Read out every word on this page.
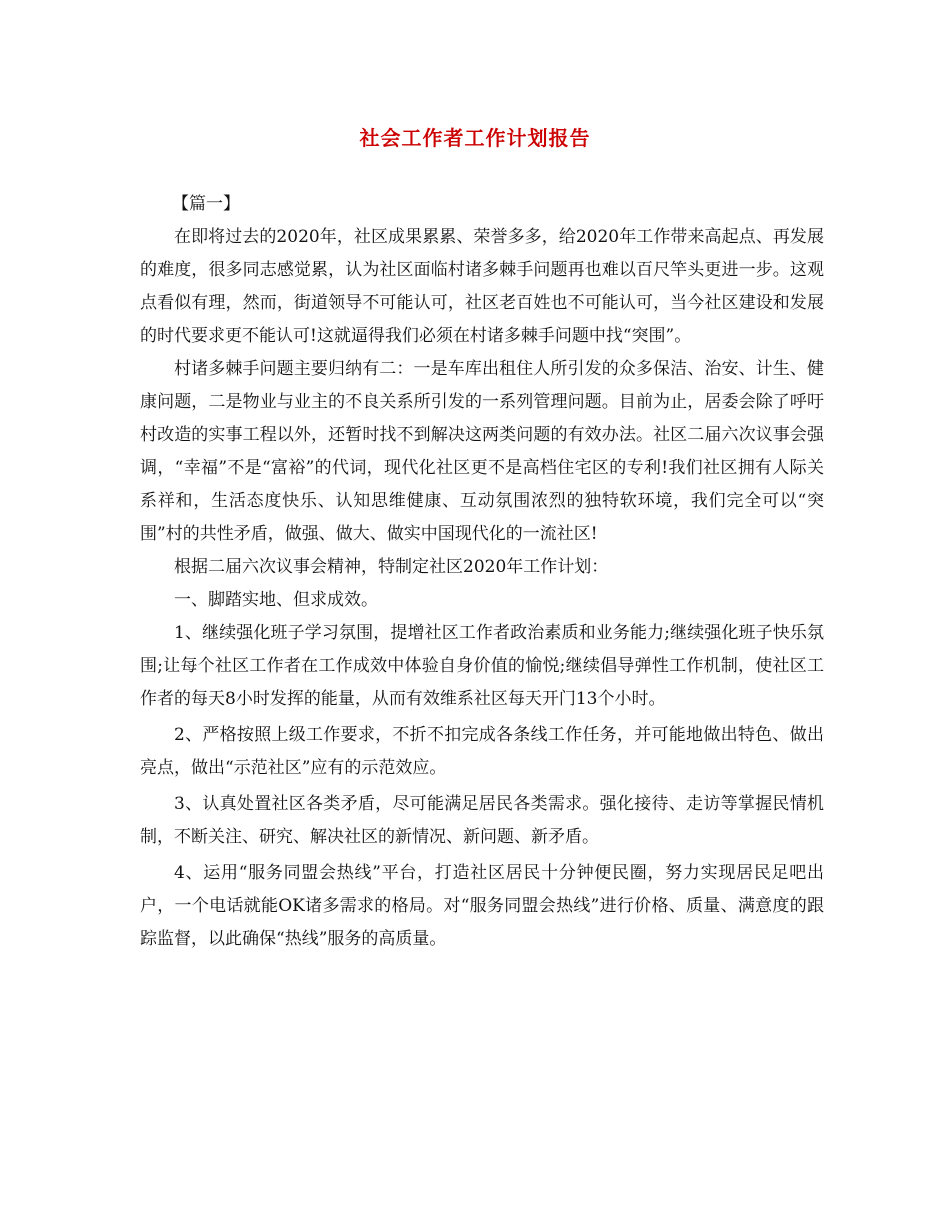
社会工作者工作计划报告

【篇一】

在即将过去的2020年，社区成果累累、荣誉多多，给2020年工作带来高起点、再发展的难度，很多同志感觉累，认为社区面临村诸多棘手问题再也难以百尺竿头更进一步。这观点看似有理，然而，街道领导不可能认可，社区老百姓也不可能认可，当今社区建设和发展的时代要求更不能认可!这就逼得我们必须在村诸多棘手问题中找“突围”。

村诸多棘手问题主要归纳有二：一是车库出租住人所引发的众多保洁、治安、计生、健康问题，二是物业与业主的不良关系所引发的一系列管理问题。目前为止，居委会除了呼吁村改造的实事工程以外，还暂时找不到解决这两类问题的有效办法。社区二届六次议事会强调，“幸福”不是“富裕”的代词，现代化社区更不是高档住宅区的专利!我们社区拥有人际关系祥和，生活态度快乐、认知思维健康、互动氛围浓烈的独特软环境，我们完全可以“突围”村的共性矛盾，做强、做大、做实中国现代化的一流社区!

根据二届六次议事会精神，特制定社区2020年工作计划：

一、脚踏实地、但求成效。

1、继续强化班子学习氛围，提增社区工作者政治素质和业务能力;继续强化班子快乐氛围;让每个社区工作者在工作成效中体验自身价值的愉悦;继续倡导弹性工作机制，使社区工作者的每天8小时发挥的能量，从而有效维系社区每天开门13个小时。

2、严格按照上级工作要求，不折不扣完成各条线工作任务，并可能地做出特色、做出亮点，做出“示范社区”应有的示范效应。

3、认真处置社区各类矛盾，尽可能满足居民各类需求。强化接待、走访等掌握民情机制，不断关注、研究、解决社区的新情况、新问题、新矛盾。

4、运用“服务同盟会热线”平台，打造社区居民十分钟便民圈，努力实现居民足吧出户，一个电话就能OK诸多需求的格局。对“服务同盟会热线”进行价格、质量、满意度的跟踪监督，以此确保“热线”服务的高质量。
